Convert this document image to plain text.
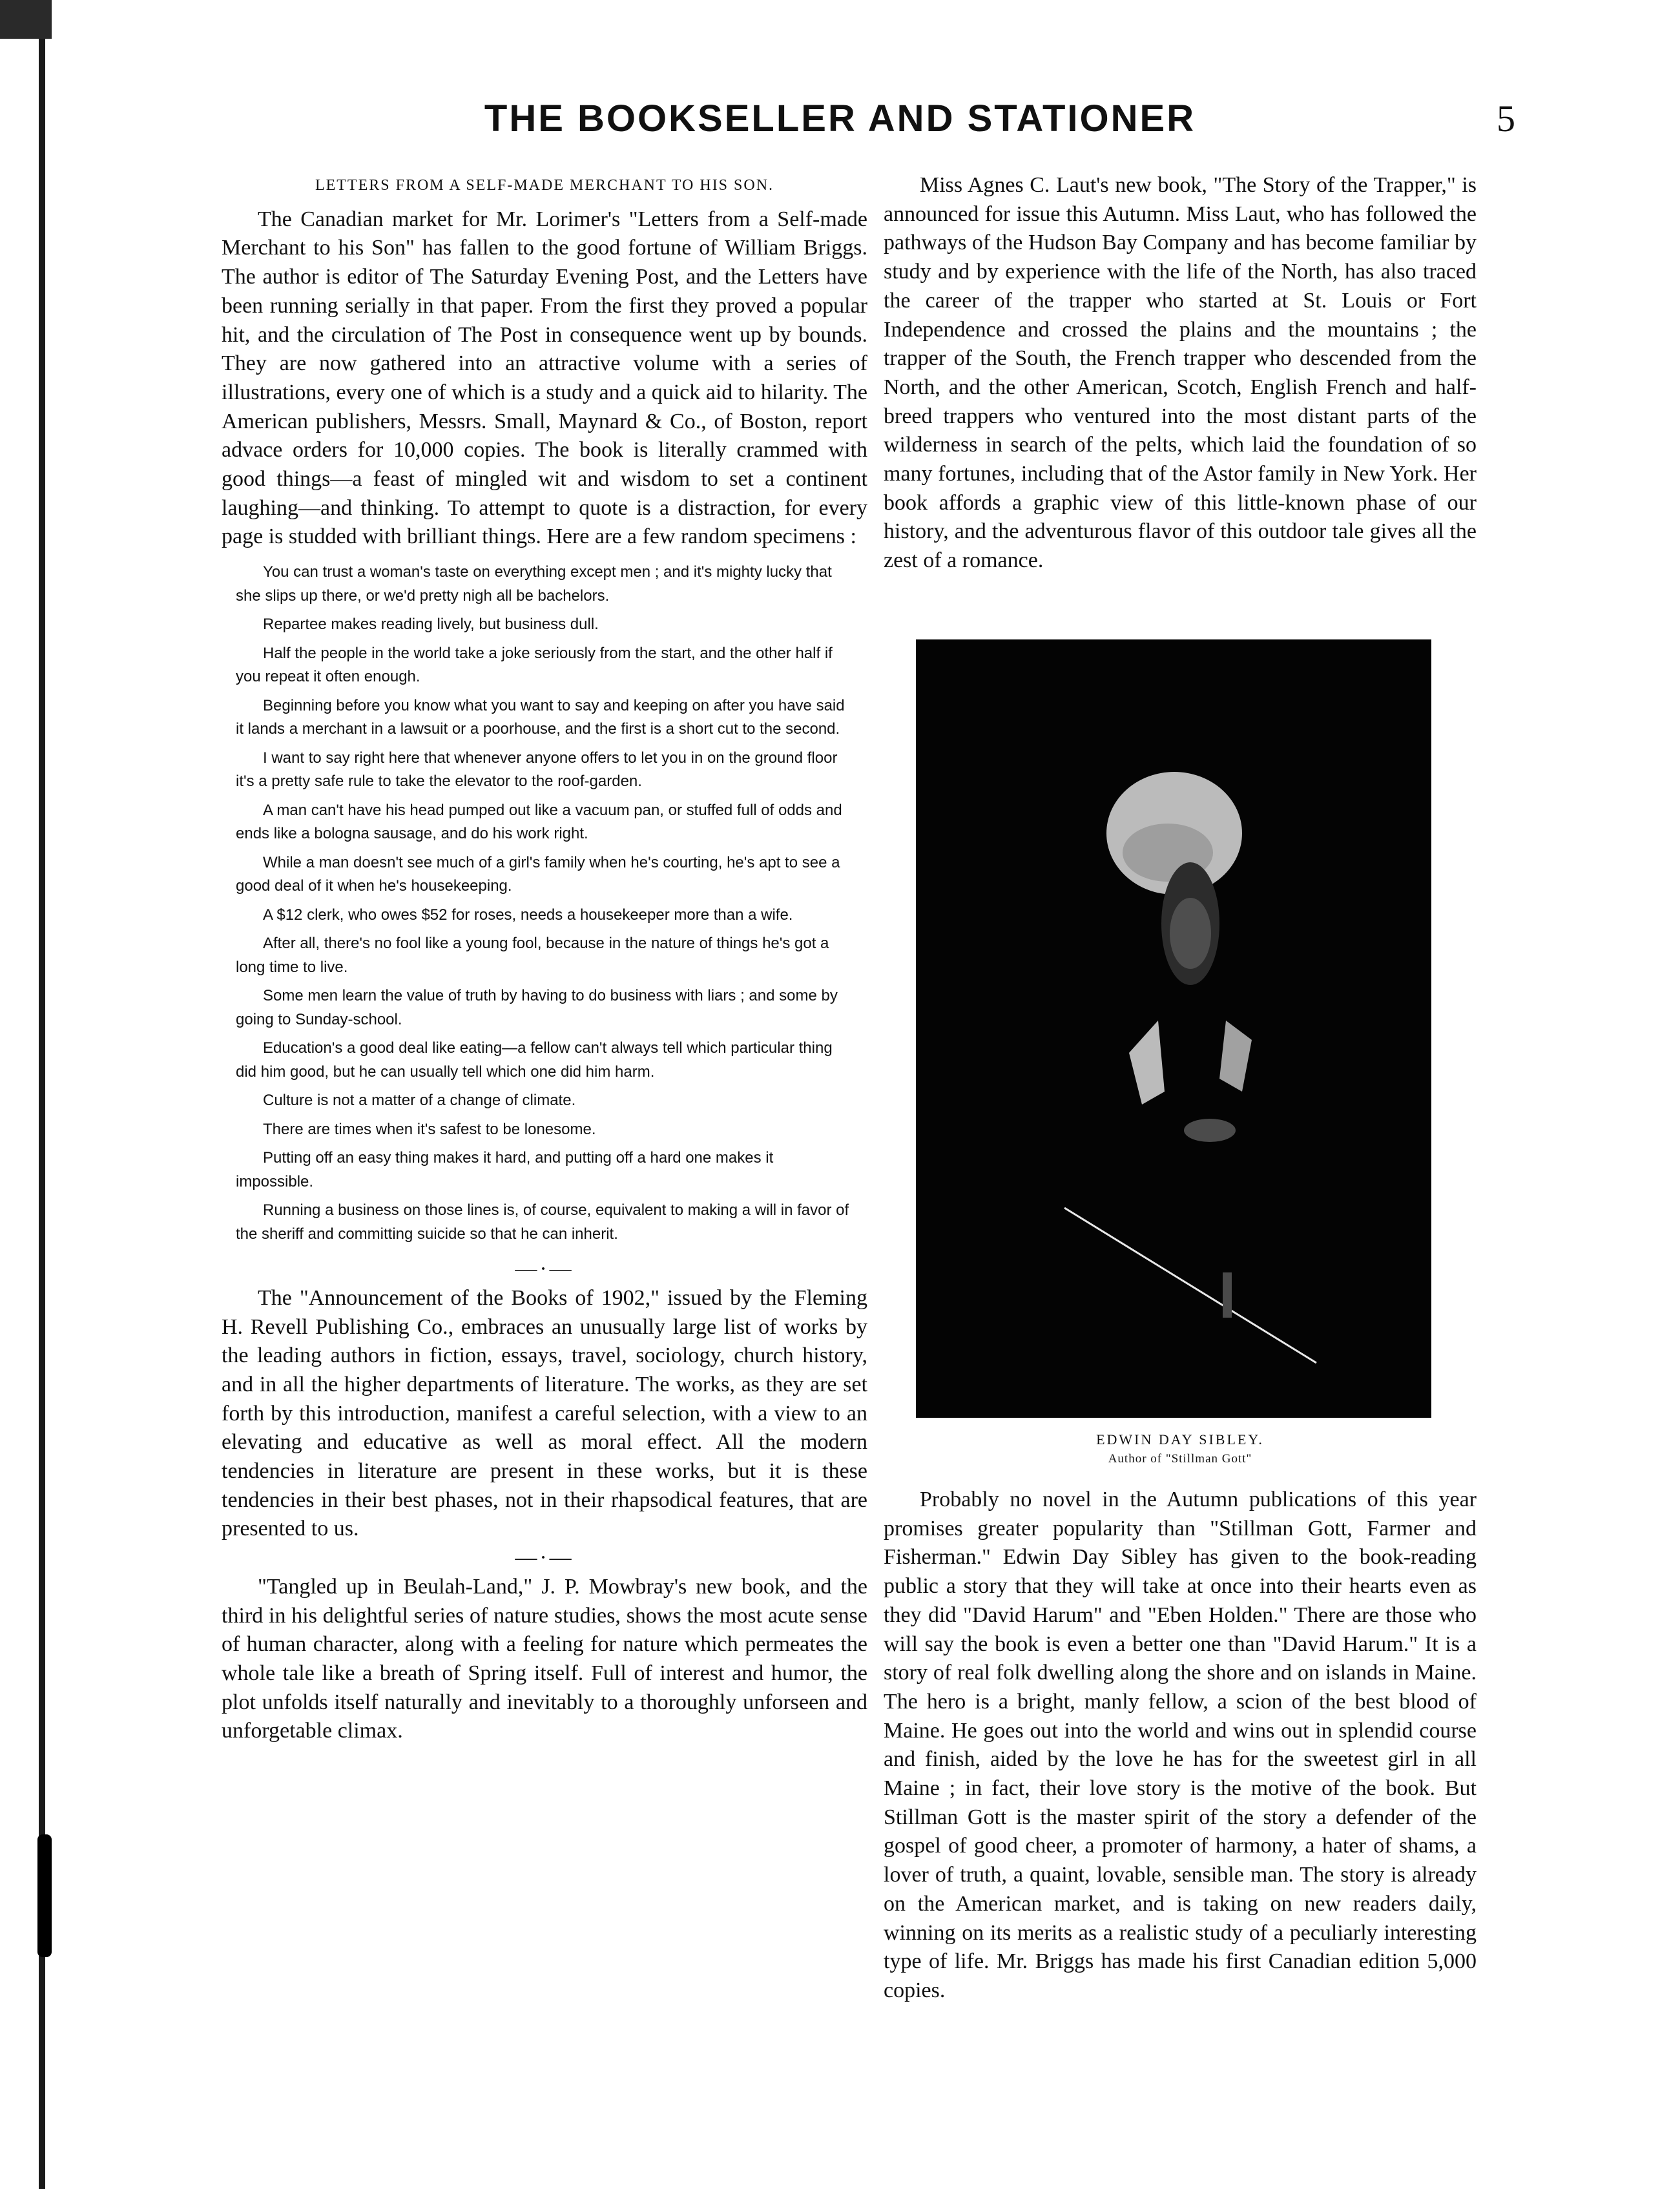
THE BOOKSELLER AND STATIONER	5
LETTERS FROM A SELF-MADE MERCHANT TO HIS SON.

The Canadian market for Mr. Lorimer's "Letters from a Self-made Merchant to his Son" has fallen to the good fortune of William Briggs. The author is editor of The Saturday Evening Post, and the Letters have been running serially in that paper. From the first they proved a popular hit, and the circulation of The Post in consequence went up by bounds. They are now gathered into an attractive volume with a series of illustrations, every one of which is a study and a quick aid to hilarity. The American publishers, Messrs. Small, Maynard & Co., of Boston, report advace orders for 10,000 copies. The book is literally crammed with good things—a feast of mingled wit and wisdom to set a continent laughing—and thinking. To attempt to quote is a distraction, for every page is studded with brilliant things. Here are a few random specimens :

You can trust a woman's taste on everything except men ; and it's mighty lucky that she slips up there, or we'd pretty nigh all be bachelors.

Repartee makes reading lively, but business dull.

Half the people in the world take a joke seriously from the start, and the other half if you repeat it often enough.

Beginning before you know what you want to say and keeping on after you have said it lands a merchant in a lawsuit or a poorhouse, and the first is a short cut to the second.

I want to say right here that whenever anyone offers to let you in on the ground floor it's a pretty safe rule to take the elevator to the roof-garden.

A man can't have his head pumped out like a vacuum pan, or stuffed full of odds and ends like a bologna sausage, and do his work right.

While a man doesn't see much of a girl's family when he's courting, he's apt to see a good deal of it when he's housekeeping.

A $12 clerk, who owes $52 for roses, needs a housekeeper more than a wife.

After all, there's no fool like a young fool, because in the nature of things he's got a long time to live.

Some men learn the value of truth by having to do business with liars ; and some by going to Sunday-school.

Education's a good deal like eating—a fellow can't always tell which particular thing did him good, but he can usually tell which one did him harm.

Culture is not a matter of a change of climate.

There are times when it's safest to be lonesome.

Putting off an easy thing makes it hard, and putting off a hard one makes it impossible.

Running a business on those lines is, of course, equivalent to making a will in favor of the sheriff and committing suicide so that he can inherit.

—·—

The "Announcement of the Books of 1902," issued by the Fleming H. Revell Publishing Co., embraces an unusually large list of works by the leading authors in fiction, essays, travel, sociology, church history, and in all the higher departments of literature. The works, as they are set forth by this introduction, manifest a careful selection, with a view to an elevating and educative as well as moral effect. All the modern tendencies in literature are present in these works, but it is these tendencies in their best phases, not in their rhapsodical features, that are presented to us.

—·—

"Tangled up in Beulah-Land," J. P. Mowbray's new book, and the third in his delightful series of nature studies, shows the most acute sense of human character, along with a feeling for nature which permeates the whole tale like a breath of Spring itself. Full of interest and humor, the plot unfolds itself naturally and inevitably to a thoroughly unforseen and unforgetable climax.

Miss Agnes C. Laut's new book, "The Story of the Trapper," is announced for issue this Autumn. Miss Laut, who has followed the pathways of the Hudson Bay Company and has become familiar by study and by experience with the life of the North, has also traced the career of the trapper who started at St. Louis or Fort Independence and crossed the plains and the mountains ; the trapper of the South, the French trapper who descended from the North, and the other American, Scotch, English French and half-breed trappers who ventured into the most distant parts of the wilderness in search of the pelts, which laid the foundation of so many fortunes, including that of the Astor family in New York. Her book affords a graphic view of this little-known phase of our history, and the adventurous flavor of this outdoor tale gives all the zest of a romance.

EDWIN DAY SIBLEY.
Author of "Stillman Gott"

Probably no novel in the Autumn publications of this year promises greater popularity than "Stillman Gott, Farmer and Fisherman." Edwin Day Sibley has given to the book-reading public a story that they will take at once into their hearts even as they did "David Harum" and "Eben Holden." There are those who will say the book is even a better one than "David Harum." It is a story of real folk dwelling along the shore and on islands in Maine. The hero is a bright, manly fellow, a scion of the best blood of Maine. He goes out into the world and wins out in splendid course and finish, aided by the love he has for the sweetest girl in all Maine ; in fact, their love story is the motive of the book. But Stillman Gott is the master spirit of the story a defender of the gospel of good cheer, a promoter of harmony, a hater of shams, a lover of truth, a quaint, lovable, sensible man. The story is already on the American market, and is taking on new readers daily, winning on its merits as a realistic study of a peculiarly interesting type of life. Mr. Briggs has made his first Canadian edition 5,000 copies.
